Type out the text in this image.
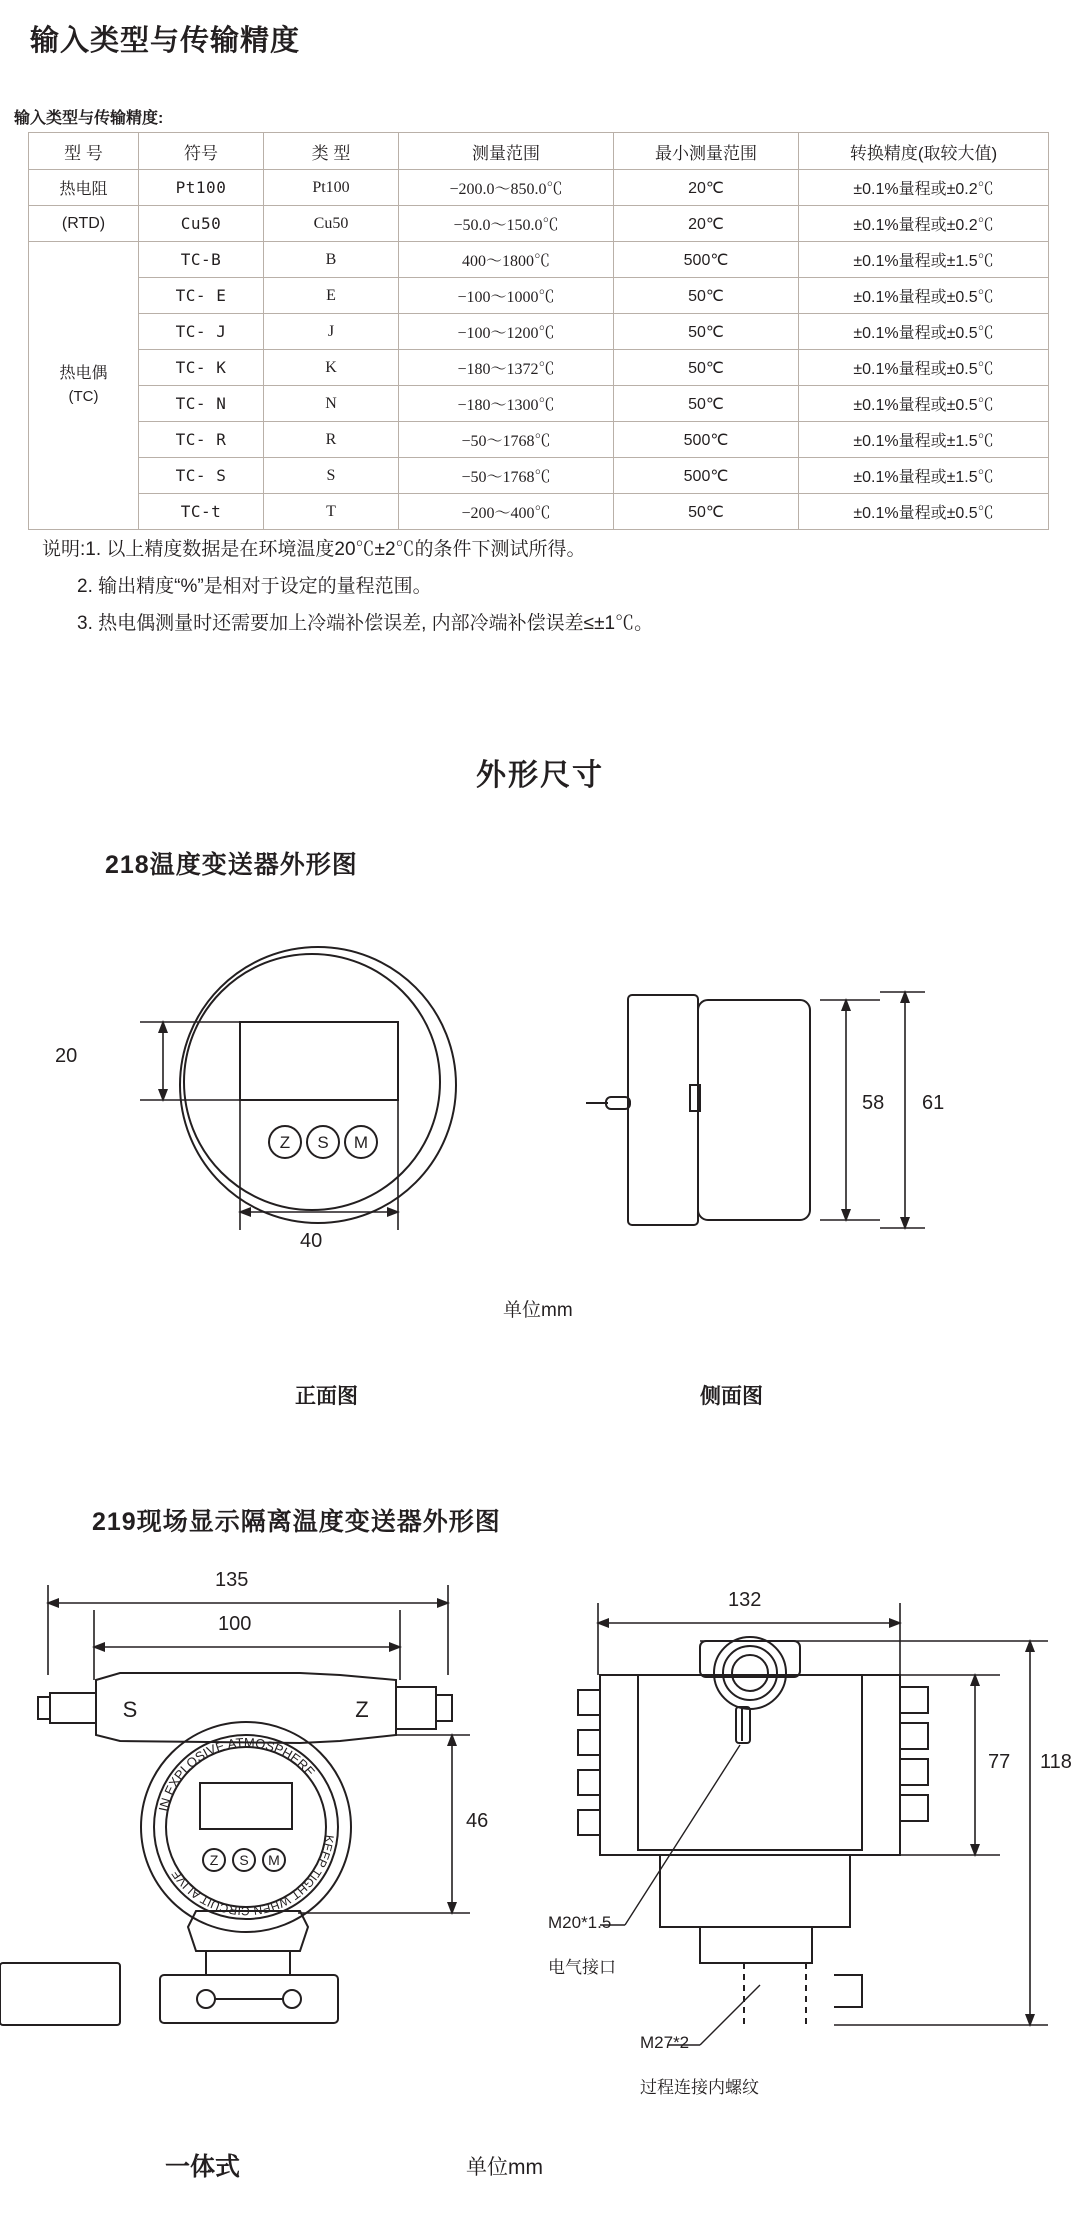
输入类型与传输精度
输入类型与传输精度:
型 号	符号	类 型	测量范围	最小测量范围	转换精度(取较大值)
热电阻	Pt100	Pt100	−200.0～850.0℃	20℃	±0.1%量程或±0.2℃
(RTD)	Cu50	Cu50	−50.0～150.0℃	20℃	±0.1%量程或±0.2℃

热电偶
(TC)	TC-B	B	400～1800℃	500℃	±0.1%量程或±1.5℃
	TC- E	E	−100～1000℃	50℃	±0.1%量程或±0.5℃
	TC- J	J	−100～1200℃	50℃	±0.1%量程或±0.5℃
	TC- K	K	−180～1372℃	50℃	±0.1%量程或±0.5℃
	TC- N	N	−180～1300℃	50℃	±0.1%量程或±0.5℃
	TC- R	R	−50～1768℃	500℃	±0.1%量程或±1.5℃
	TC- S	S	−50～1768℃	500℃	±0.1%量程或±1.5℃
	TC-t	T	−200～400℃	50℃	±0.1%量程或±0.5℃
说明:1. 以上精度数据是在环境温度20℃±2℃的条件下测试所得。
2. 输出精度“%”是相对于设定的量程范围。
3. 热电偶测量时还需要加上冷端补偿误差, 内部冷端补偿误差≤±1℃。
外形尺寸
218温度变送器外形图
Z S M
20
40
58 61
单位mm
正面图	侧面图
219现场显示隔离温度变送器外形图
IN EXPLOSIVE ATMOSPHERE
KEEP TIGHT WHEN CIRCUIT ALIVE
Z S M
S	Z
135
100
46
132
77 118
M20*1.5
电气接口
M27*2
过程连接内螺纹
一体式	单位mm
